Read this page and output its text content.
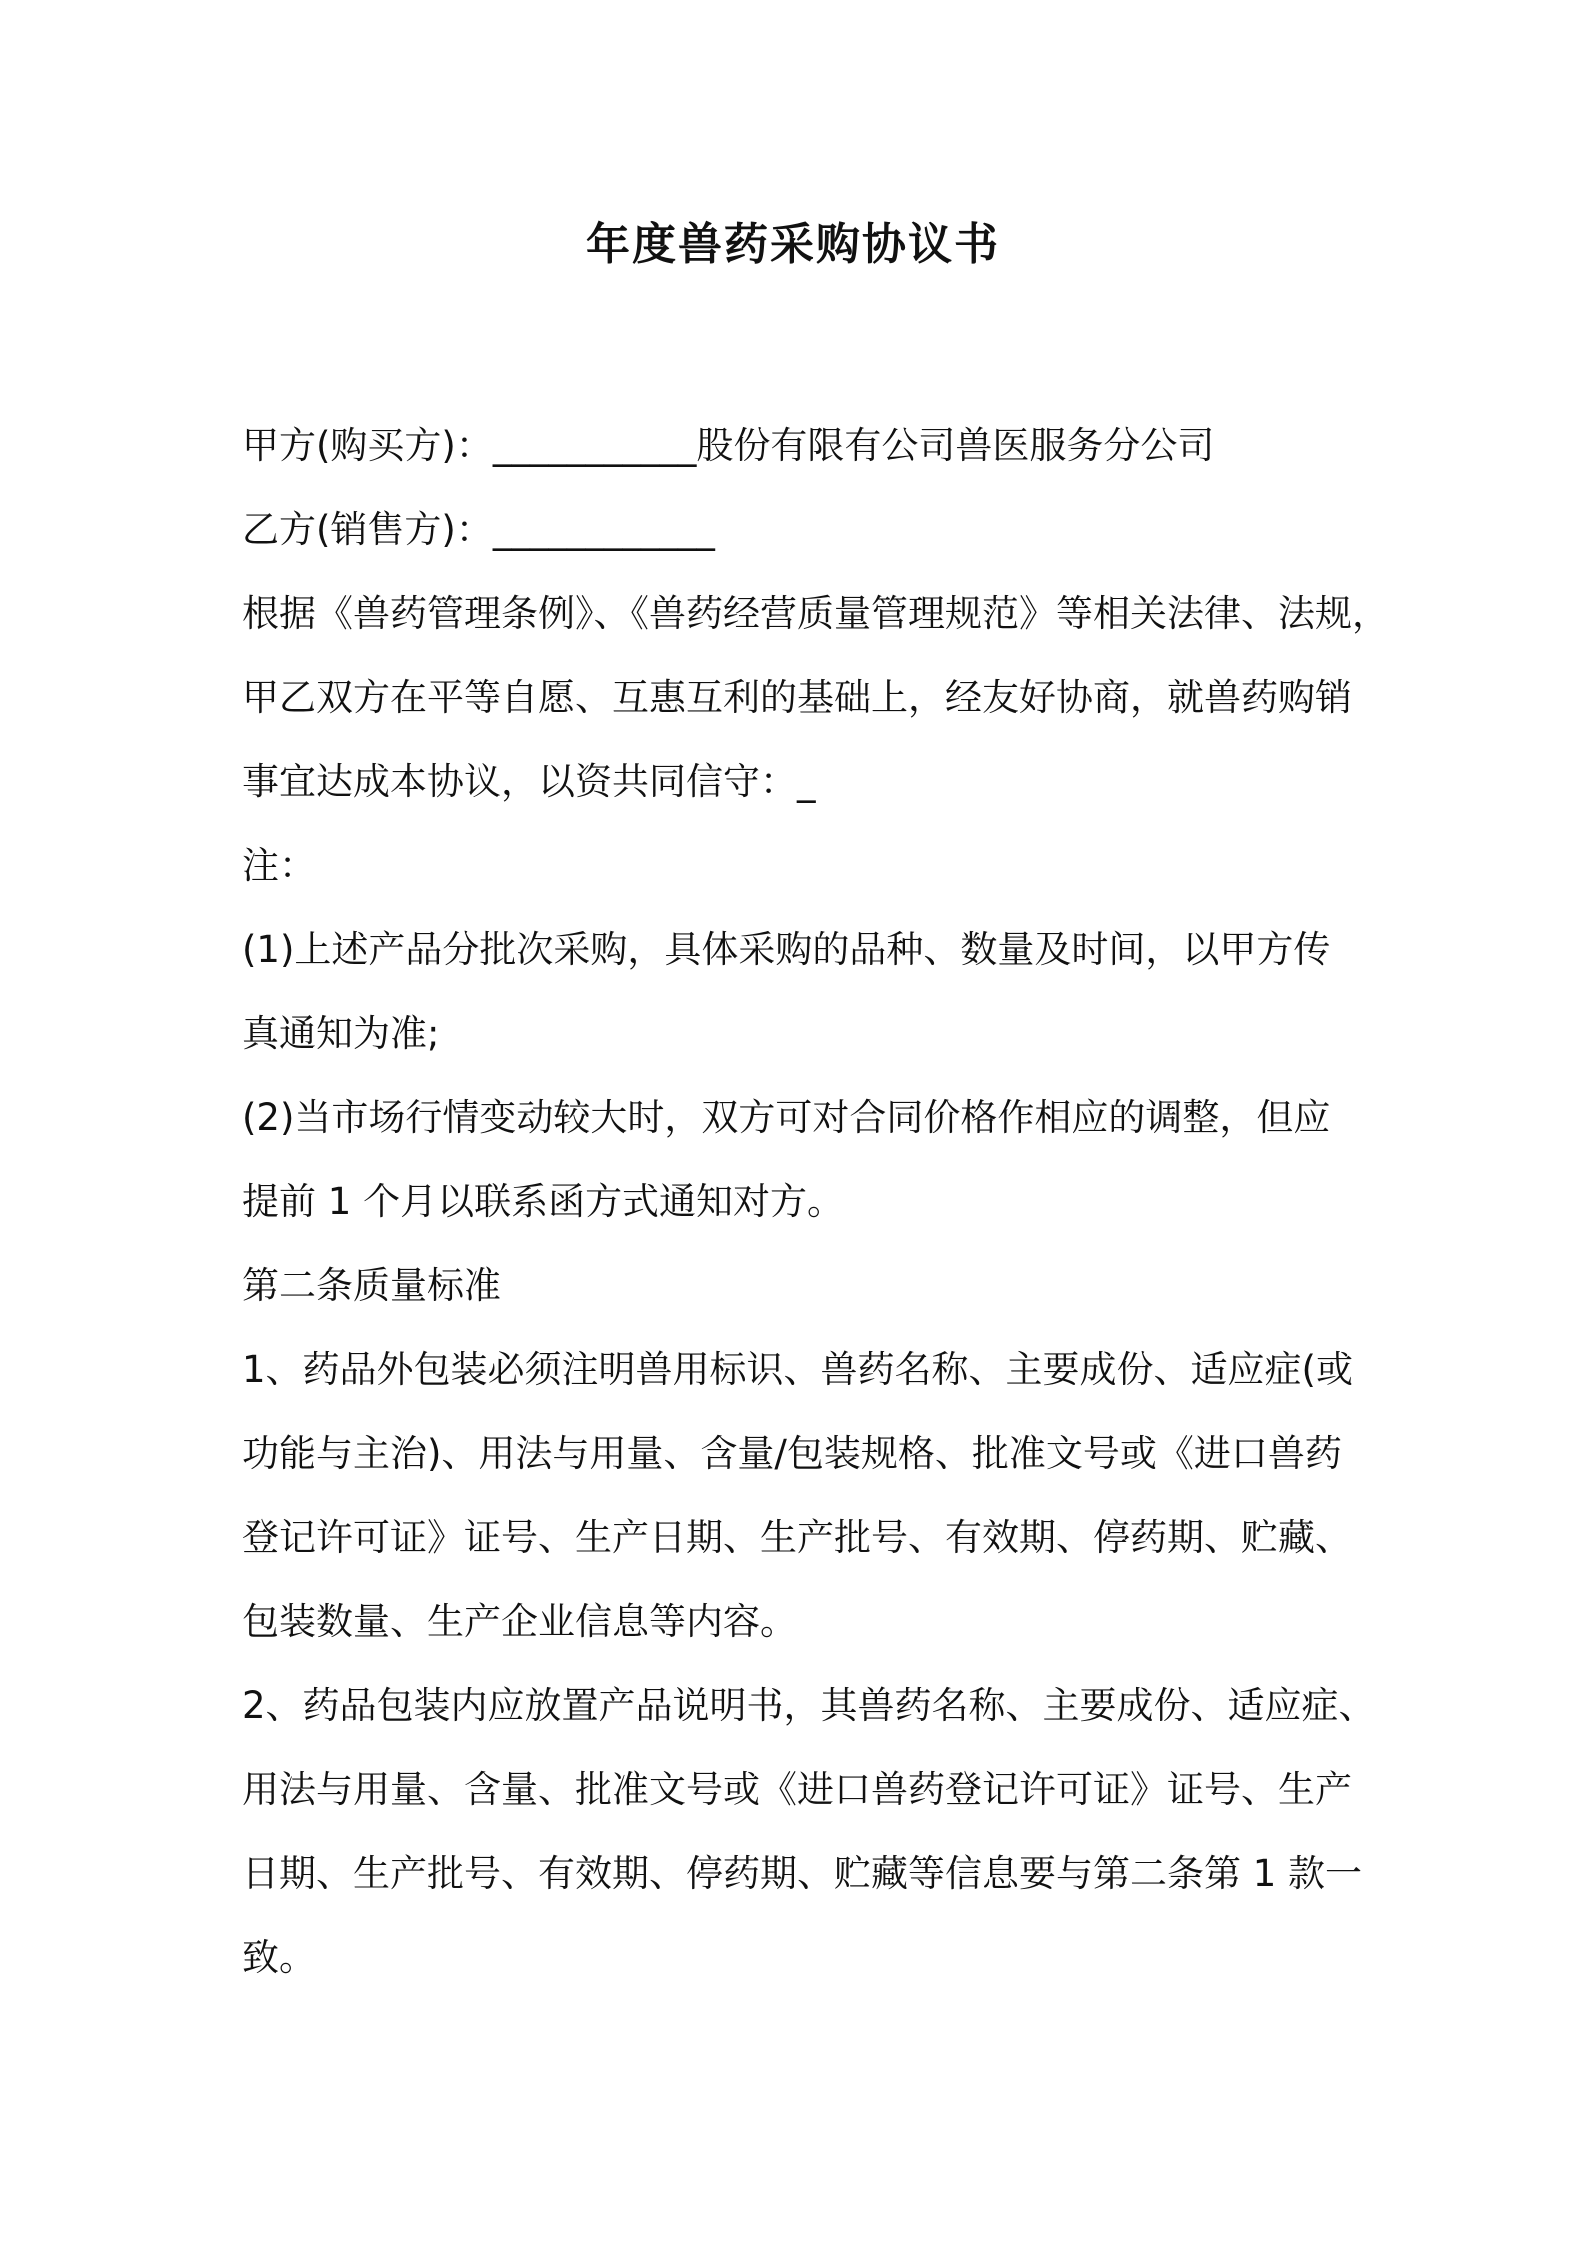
年度兽药采购协议书
甲方(购买方)：___________股份有限有公司兽医服务分公司
乙方(销售方)：____________
根据《兽药管理条例》、《兽药经营质量管理规范》等相关法律、法规，
甲乙双方在平等自愿、互惠互利的基础上，经友好协商，就兽药购销
事宜达成本协议，以资共同信守：_
注：
(1)上述产品分批次采购，具体采购的品种、数量及时间，以甲方传
真通知为准;
(2)当市场行情变动较大时，双方可对合同价格作相应的调整，但应
提前 1 个月以联系函方式通知对方。
第二条质量标准
1、药品外包装必须注明兽用标识、兽药名称、主要成份、适应症(或
功能与主治)、用法与用量、含量/包装规格、批准文号或《进口兽药
登记许可证》证号、生产日期、生产批号、有效期、停药期、贮藏、
包装数量、生产企业信息等内容。
2、药品包装内应放置产品说明书，其兽药名称、主要成份、适应症、
用法与用量、含量、批准文号或《进口兽药登记许可证》证号、生产
日期、生产批号、有效期、停药期、贮藏等信息要与第二条第 1 款一
致。
